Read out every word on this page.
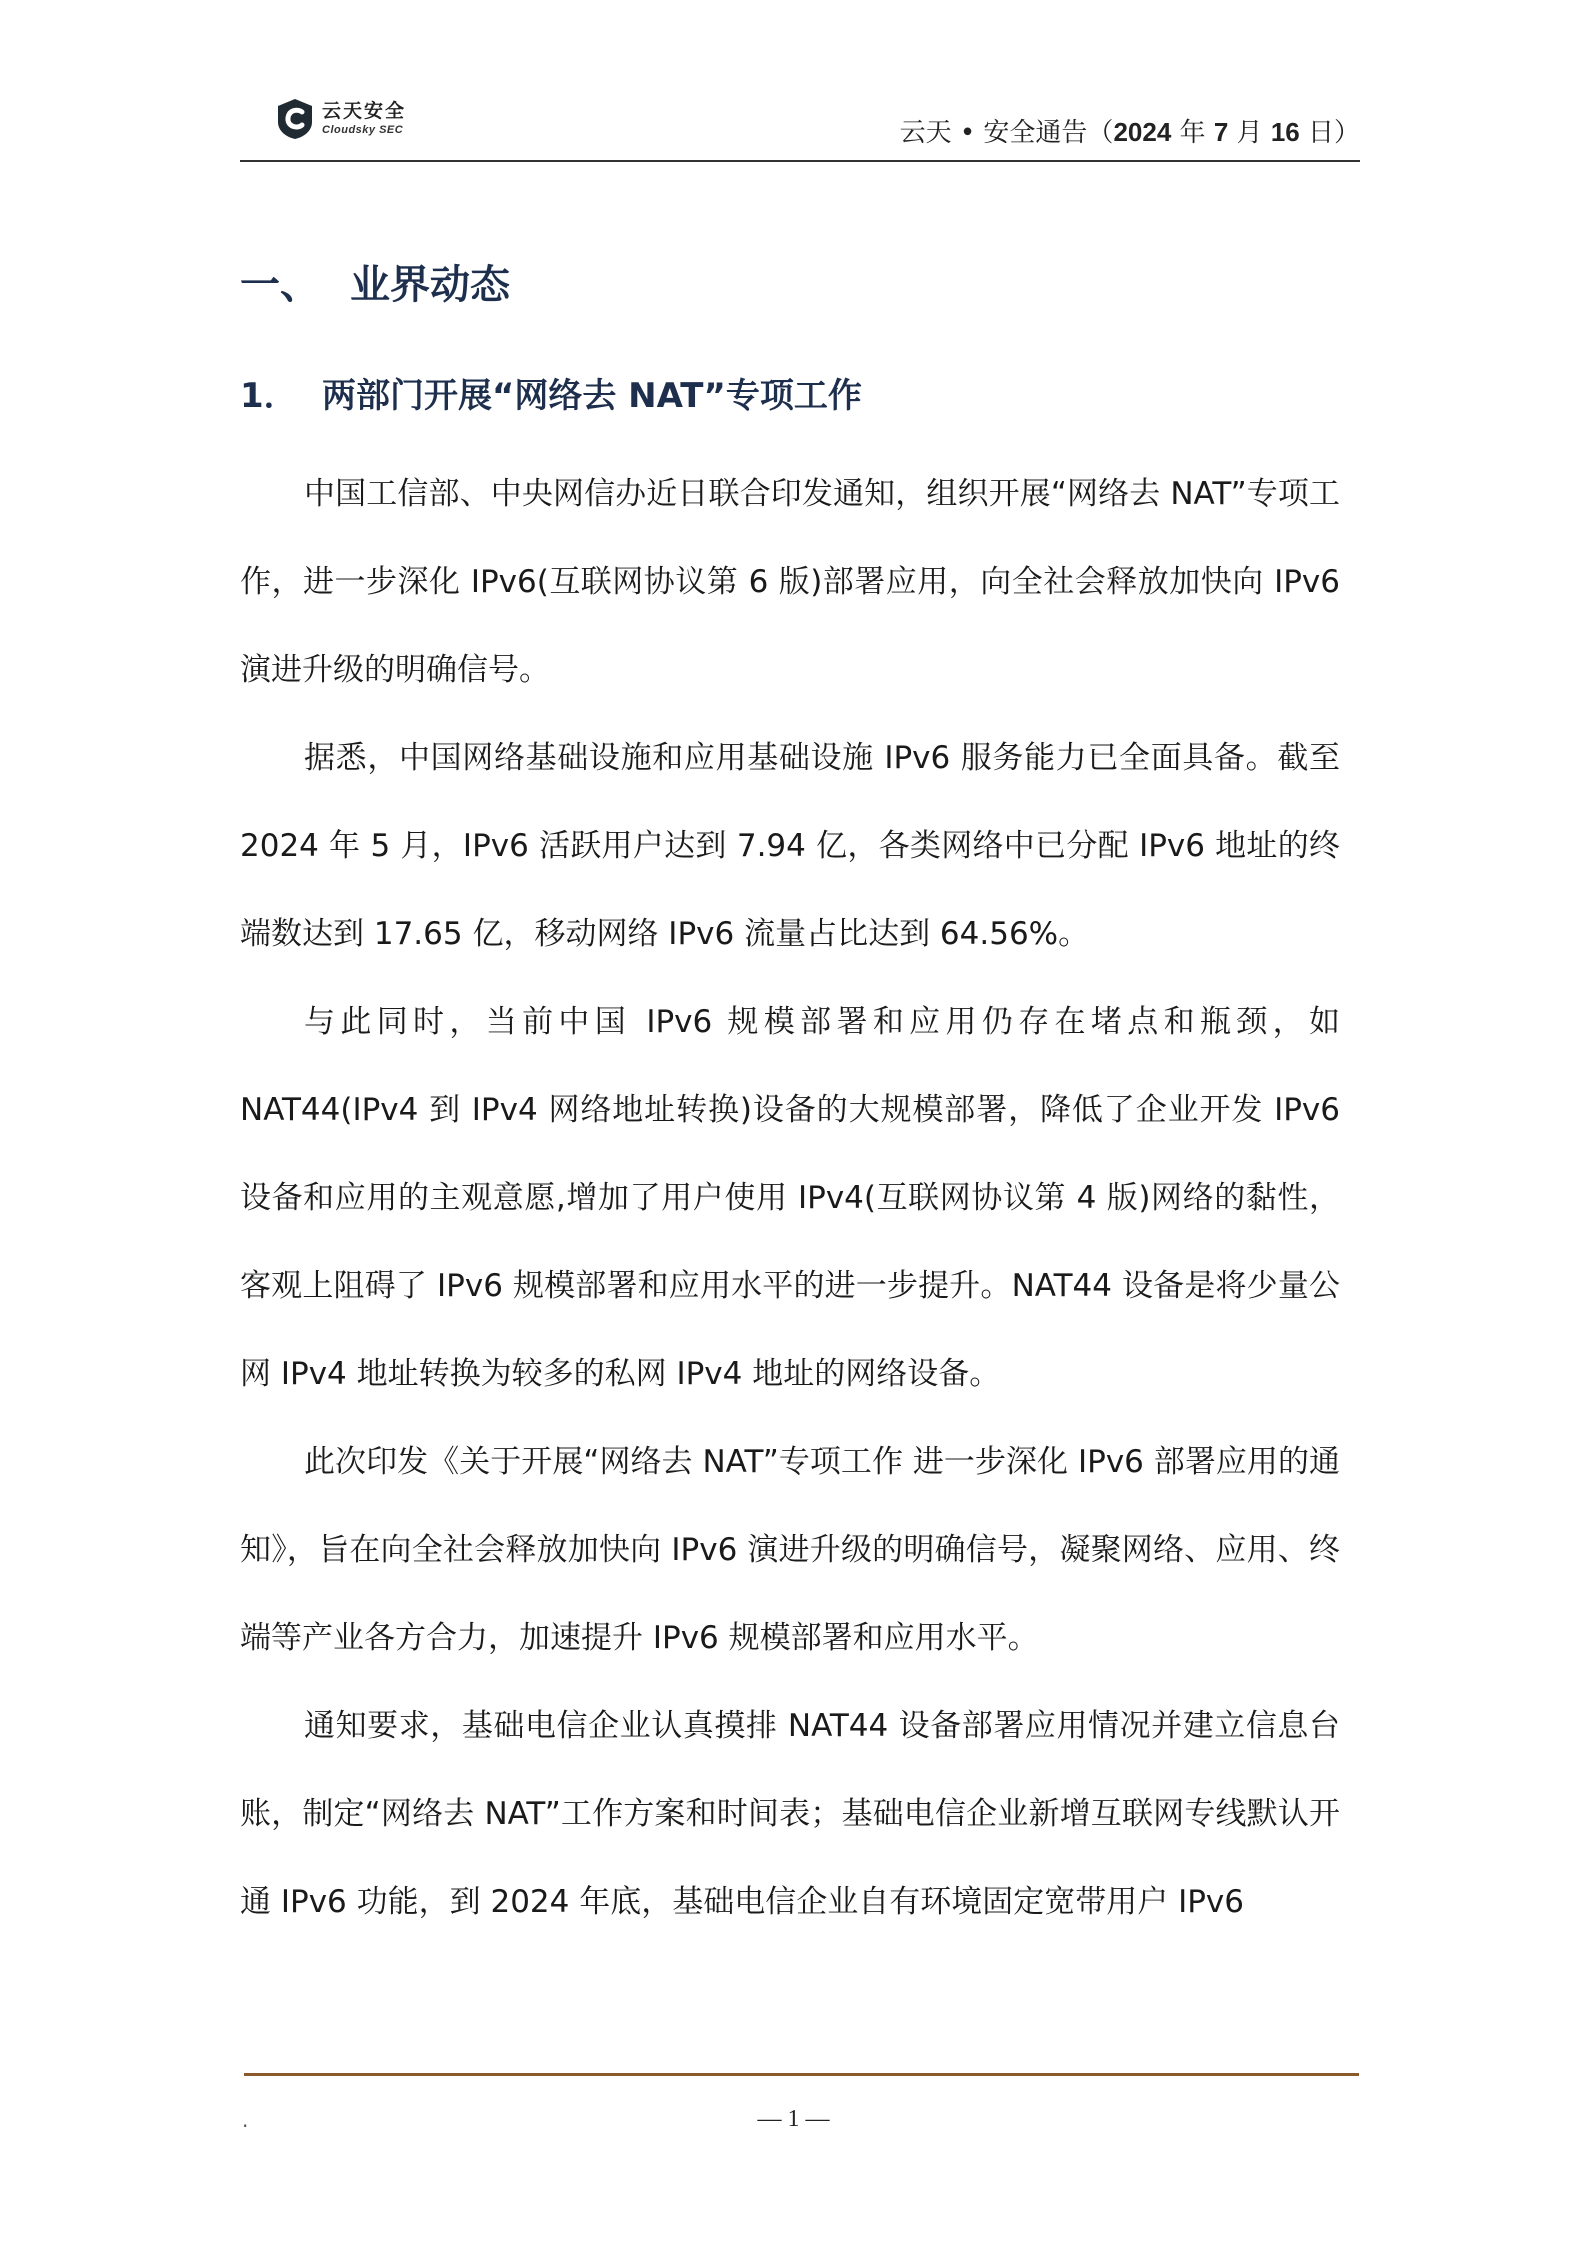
云天安全
Cloudsky SEC	云天 • 安全通告（2024 年 7 月 16 日）
一、 业界动态
1． 两部门开展“网络去 NAT”专项工作

中国工信部、中央网信办近日联合印发通知，组织开展“网络去 NAT”专项工作，进一步深化 IPv6(互联网协议第 6 版)部署应用，向全社会释放加快向 IPv6 演进升级的明确信号。

据悉，中国网络基础设施和应用基础设施 IPv6 服务能力已全面具备。截至 2024 年 5 月，IPv6 活跃用户达到 7.94 亿，各类网络中已分配 IPv6 地址的终端数达到 17.65 亿，移动网络 IPv6 流量占比达到 64.56%。

与此同时，当前中国 IPv6 规模部署和应用仍存在堵点和瓶颈，如 NAT44(IPv4 到 IPv4 网络地址转换)设备的大规模部署，降低了企业开发 IPv6 设备和应用的主观意愿,增加了用户使用 IPv4(互联网协议第 4 版)网络的黏性，客观上阻碍了 IPv6 规模部署和应用水平的进一步提升。NAT44 设备是将少量公网 IPv4 地址转换为较多的私网 IPv4 地址的网络设备。

此次印发《关于开展“网络去 NAT”专项工作 进一步深化 IPv6 部署应用的通知》，旨在向全社会释放加快向 IPv6 演进升级的明确信号，凝聚网络、应用、终端等产业各方合力，加速提升 IPv6 规模部署和应用水平。

通知要求，基础电信企业认真摸排 NAT44 设备部署应用情况并建立信息台账，制定“网络去 NAT”工作方案和时间表；基础电信企业新增互联网专线默认开通 IPv6 功能，到 2024 年底，基础电信企业自有环境固定宽带用户 IPv6

.	— 1 —
